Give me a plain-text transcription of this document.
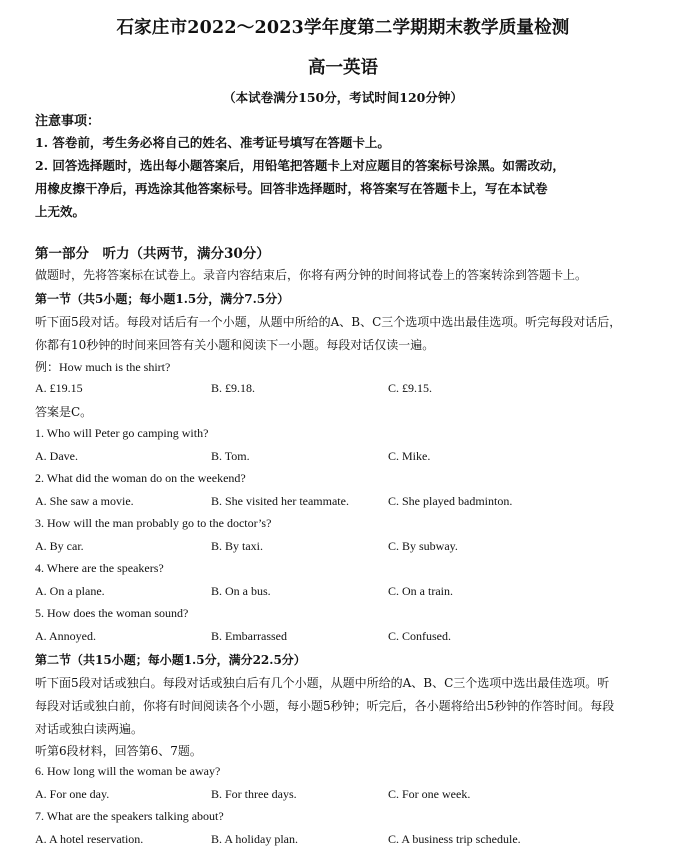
石家庄市2022～2023学年度第二学期期末教学质量检测
高一英语
（本试卷满分150分，考试时间120分钟）
注意事项：
1. 答卷前，考生务必将自己的姓名、准考证号填写在答题卡上。
2. 回答选择题时，选出每小题答案后，用铅笔把答题卡上对应题目的答案标号涂黑。如需改动，
用橡皮擦干净后，再选涂其他答案标号。回答非选择题时，将答案写在答题卡上，写在本试卷
上无效。
第一部分　听力（共两节，满分30分）
做题时，先将答案标在试卷上。录音内容结束后，你将有两分钟的时间将试卷上的答案转涂到答题卡上。
第一节（共5小题；每小题1.5分，满分7.5分）
听下面5段对话。每段对话后有一个小题，从题中所给的A、B、C三个选项中选出最佳选项。听完每段对话后，
你都有10秒钟的时间来回答有关小题和阅读下一小题。每段对话仅读一遍。
例：How much is the shirt?
A. £19.15	B. £9.18.	C. £9.15.
答案是C。
1. Who will Peter go camping with?
A. Dave.	B. Tom.	C. Mike.
2. What did the woman do on the weekend?
A. She saw a movie.	B. She visited her teammate.	C. She played badminton.
3. How will the man probably go to the doctor’s?
A. By car.	B. By taxi.	C. By subway.
4. Where are the speakers?
A. On a plane.	B. On a bus.	C. On a train.
5. How does the woman sound?
A. Annoyed.	B. Embarrassed	C. Confused.
第二节（共15小题；每小题1.5分，满分22.5分）
听下面5段对话或独白。每段对话或独白后有几个小题，从题中所给的A、B、C三个选项中选出最佳选项。听
每段对话或独白前，你将有时间阅读各个小题，每小题5秒钟；听完后，各小题将给出5秒钟的作答时间。每段
对话或独白读两遍。
听第6段材料，回答第6、7题。
6. How long will the woman be away?
A. For one day.	B. For three days.	C. For one week.
7. What are the speakers talking about?
A. A hotel reservation.	B. A holiday plan.	C. A business trip schedule.
